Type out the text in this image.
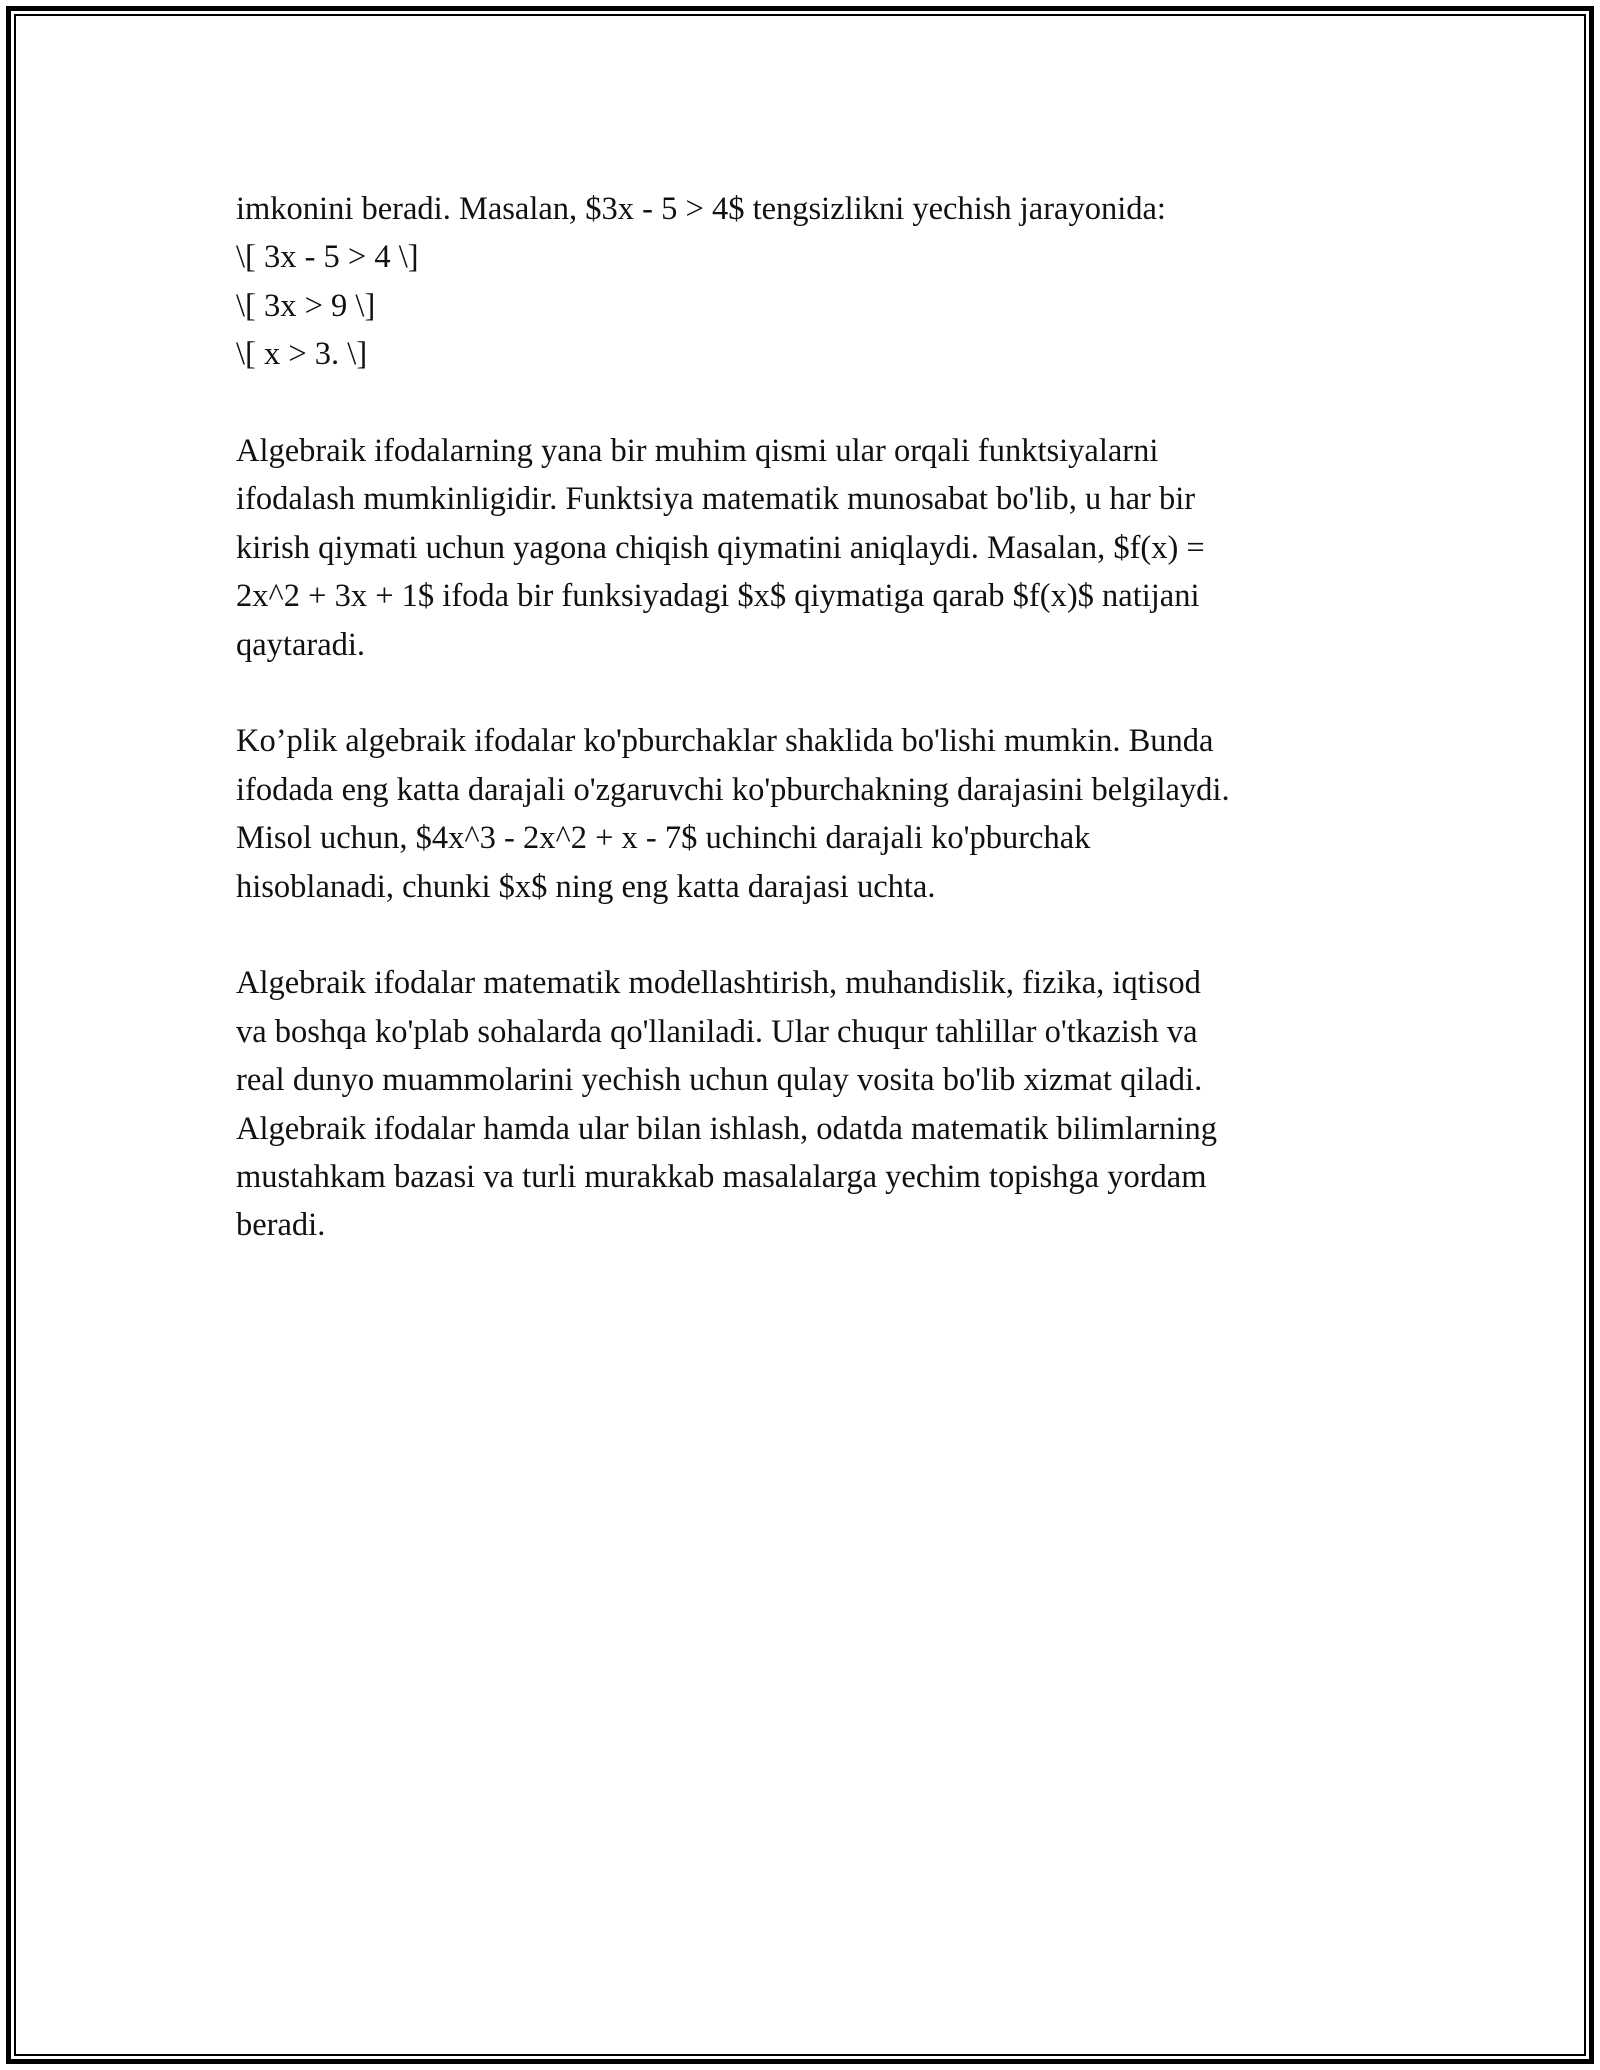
imkonini beradi. Masalan, $3x - 5 > 4$ tengsizlikni yechish jarayonida:
\[ 3x - 5 > 4 \]
\[ 3x > 9 \]
\[ x > 3. \]
Algebraik ifodalarning yana bir muhim qismi ular orqali funktsiyalarni
ifodalash mumkinligidir. Funktsiya matematik munosabat bo'lib, u har bir
kirish qiymati uchun yagona chiqish qiymatini aniqlaydi. Masalan, $f(x) =
2x^2 + 3x + 1$ ifoda bir funksiyadagi $x$ qiymatiga qarab $f(x)$ natijani
qaytaradi.
Ko’plik algebraik ifodalar ko'pburchaklar shaklida bo'lishi mumkin. Bunda
ifodada eng katta darajali o'zgaruvchi ko'pburchakning darajasini belgilaydi.
Misol uchun, $4x^3 - 2x^2 + x - 7$ uchinchi darajali ko'pburchak
hisoblanadi, chunki $x$ ning eng katta darajasi uchta.
Algebraik ifodalar matematik modellashtirish, muhandislik, fizika, iqtisod
va boshqa ko'plab sohalarda qo'llaniladi. Ular chuqur tahlillar o'tkazish va
real dunyo muammolarini yechish uchun qulay vosita bo'lib xizmat qiladi.
Algebraik ifodalar hamda ular bilan ishlash, odatda matematik bilimlarning
mustahkam bazasi va turli murakkab masalalarga yechim topishga yordam
beradi.
